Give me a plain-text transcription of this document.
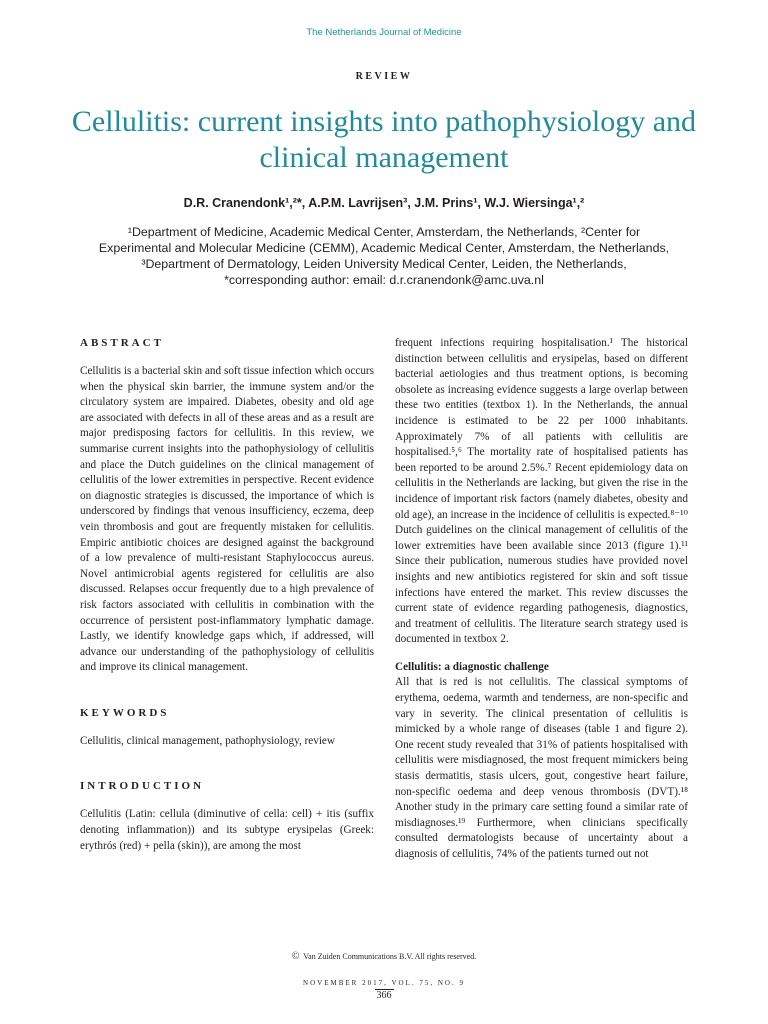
The Netherlands Journal of Medicine
REVIEW
Cellulitis: current insights into pathophysiology and clinical management
D.R. Cranendonk¹,²*, A.P.M. Lavrijsen³, J.M. Prins¹, W.J. Wiersinga¹,²
¹Department of Medicine, Academic Medical Center, Amsterdam, the Netherlands, ²Center for Experimental and Molecular Medicine (CEMM), Academic Medical Center, Amsterdam, the Netherlands, ³Department of Dermatology, Leiden University Medical Center, Leiden, the Netherlands, *corresponding author: email: d.r.cranendonk@amc.uva.nl
ABSTRACT

Cellulitis is a bacterial skin and soft tissue infection which occurs when the physical skin barrier, the immune system and/or the circulatory system are impaired. Diabetes, obesity and old age are associated with defects in all of these areas and as a result are major predisposing factors for cellulitis. In this review, we summarise current insights into the pathophysiology of cellulitis and place the Dutch guidelines on the clinical management of cellulitis of the lower extremities in perspective. Recent evidence on diagnostic strategies is discussed, the importance of which is underscored by findings that venous insufficiency, eczema, deep vein thrombosis and gout are frequently mistaken for cellulitis. Empiric antibiotic choices are designed against the background of a low prevalence of multi-resistant Staphylococcus aureus. Novel antimicrobial agents registered for cellulitis are also discussed. Relapses occur frequently due to a high prevalence of risk factors associated with cellulitis in combination with the occurrence of persistent post-inflammatory lymphatic damage. Lastly, we identify knowledge gaps which, if addressed, will advance our understanding of the pathophysiology of cellulitis and improve its clinical management.

KEYWORDS

Cellulitis, clinical management, pathophysiology, review

INTRODUCTION

Cellulitis (Latin: cellula (diminutive of cella: cell) + itis (suffix denoting inflammation)) and its subtype erysipelas (Greek: erythrós (red) + pella (skin)), are among the most

frequent infections requiring hospitalisation.¹ The historical distinction between cellulitis and erysipelas, based on different bacterial aetiologies and thus treatment options, is becoming obsolete as increasing evidence suggests a large overlap between these two entities (textbox 1). In the Netherlands, the annual incidence is estimated to be 22 per 1000 inhabitants. Approximately 7% of all patients with cellulitis are hospitalised.⁵,⁶ The mortality rate of hospitalised patients has been reported to be around 2.5%.⁷ Recent epidemiology data on cellulitis in the Netherlands are lacking, but given the rise in the incidence of important risk factors (namely diabetes, obesity and old age), an increase in the incidence of cellulitis is expected.⁸⁻¹⁰ Dutch guidelines on the clinical management of cellulitis of the lower extremities have been available since 2013 (figure 1).¹¹ Since their publication, numerous studies have provided novel insights and new antibiotics registered for skin and soft tissue infections have entered the market. This review discusses the current state of evidence regarding pathogenesis, diagnostics, and treatment of cellulitis. The literature search strategy used is documented in textbox 2.

Cellulitis: a diagnostic challenge

All that is red is not cellulitis. The classical symptoms of erythema, oedema, warmth and tenderness, are non-specific and vary in severity. The clinical presentation of cellulitis is mimicked by a whole range of diseases (table 1 and figure 2). One recent study revealed that 31% of patients hospitalised with cellulitis were misdiagnosed, the most frequent mimickers being stasis dermatitis, stasis ulcers, gout, congestive heart failure, non-specific oedema and deep venous thrombosis (DVT).¹⁸ Another study in the primary care setting found a similar rate of misdiagnoses.¹⁹ Furthermore, when clinicians specifically consulted dermatologists because of uncertainty about a diagnosis of cellulitis, 74% of the patients turned out not

© Van Zuiden Communications B.V. All rights reserved.
NOVEMBER 2017, VOL. 75, NO. 9
366
